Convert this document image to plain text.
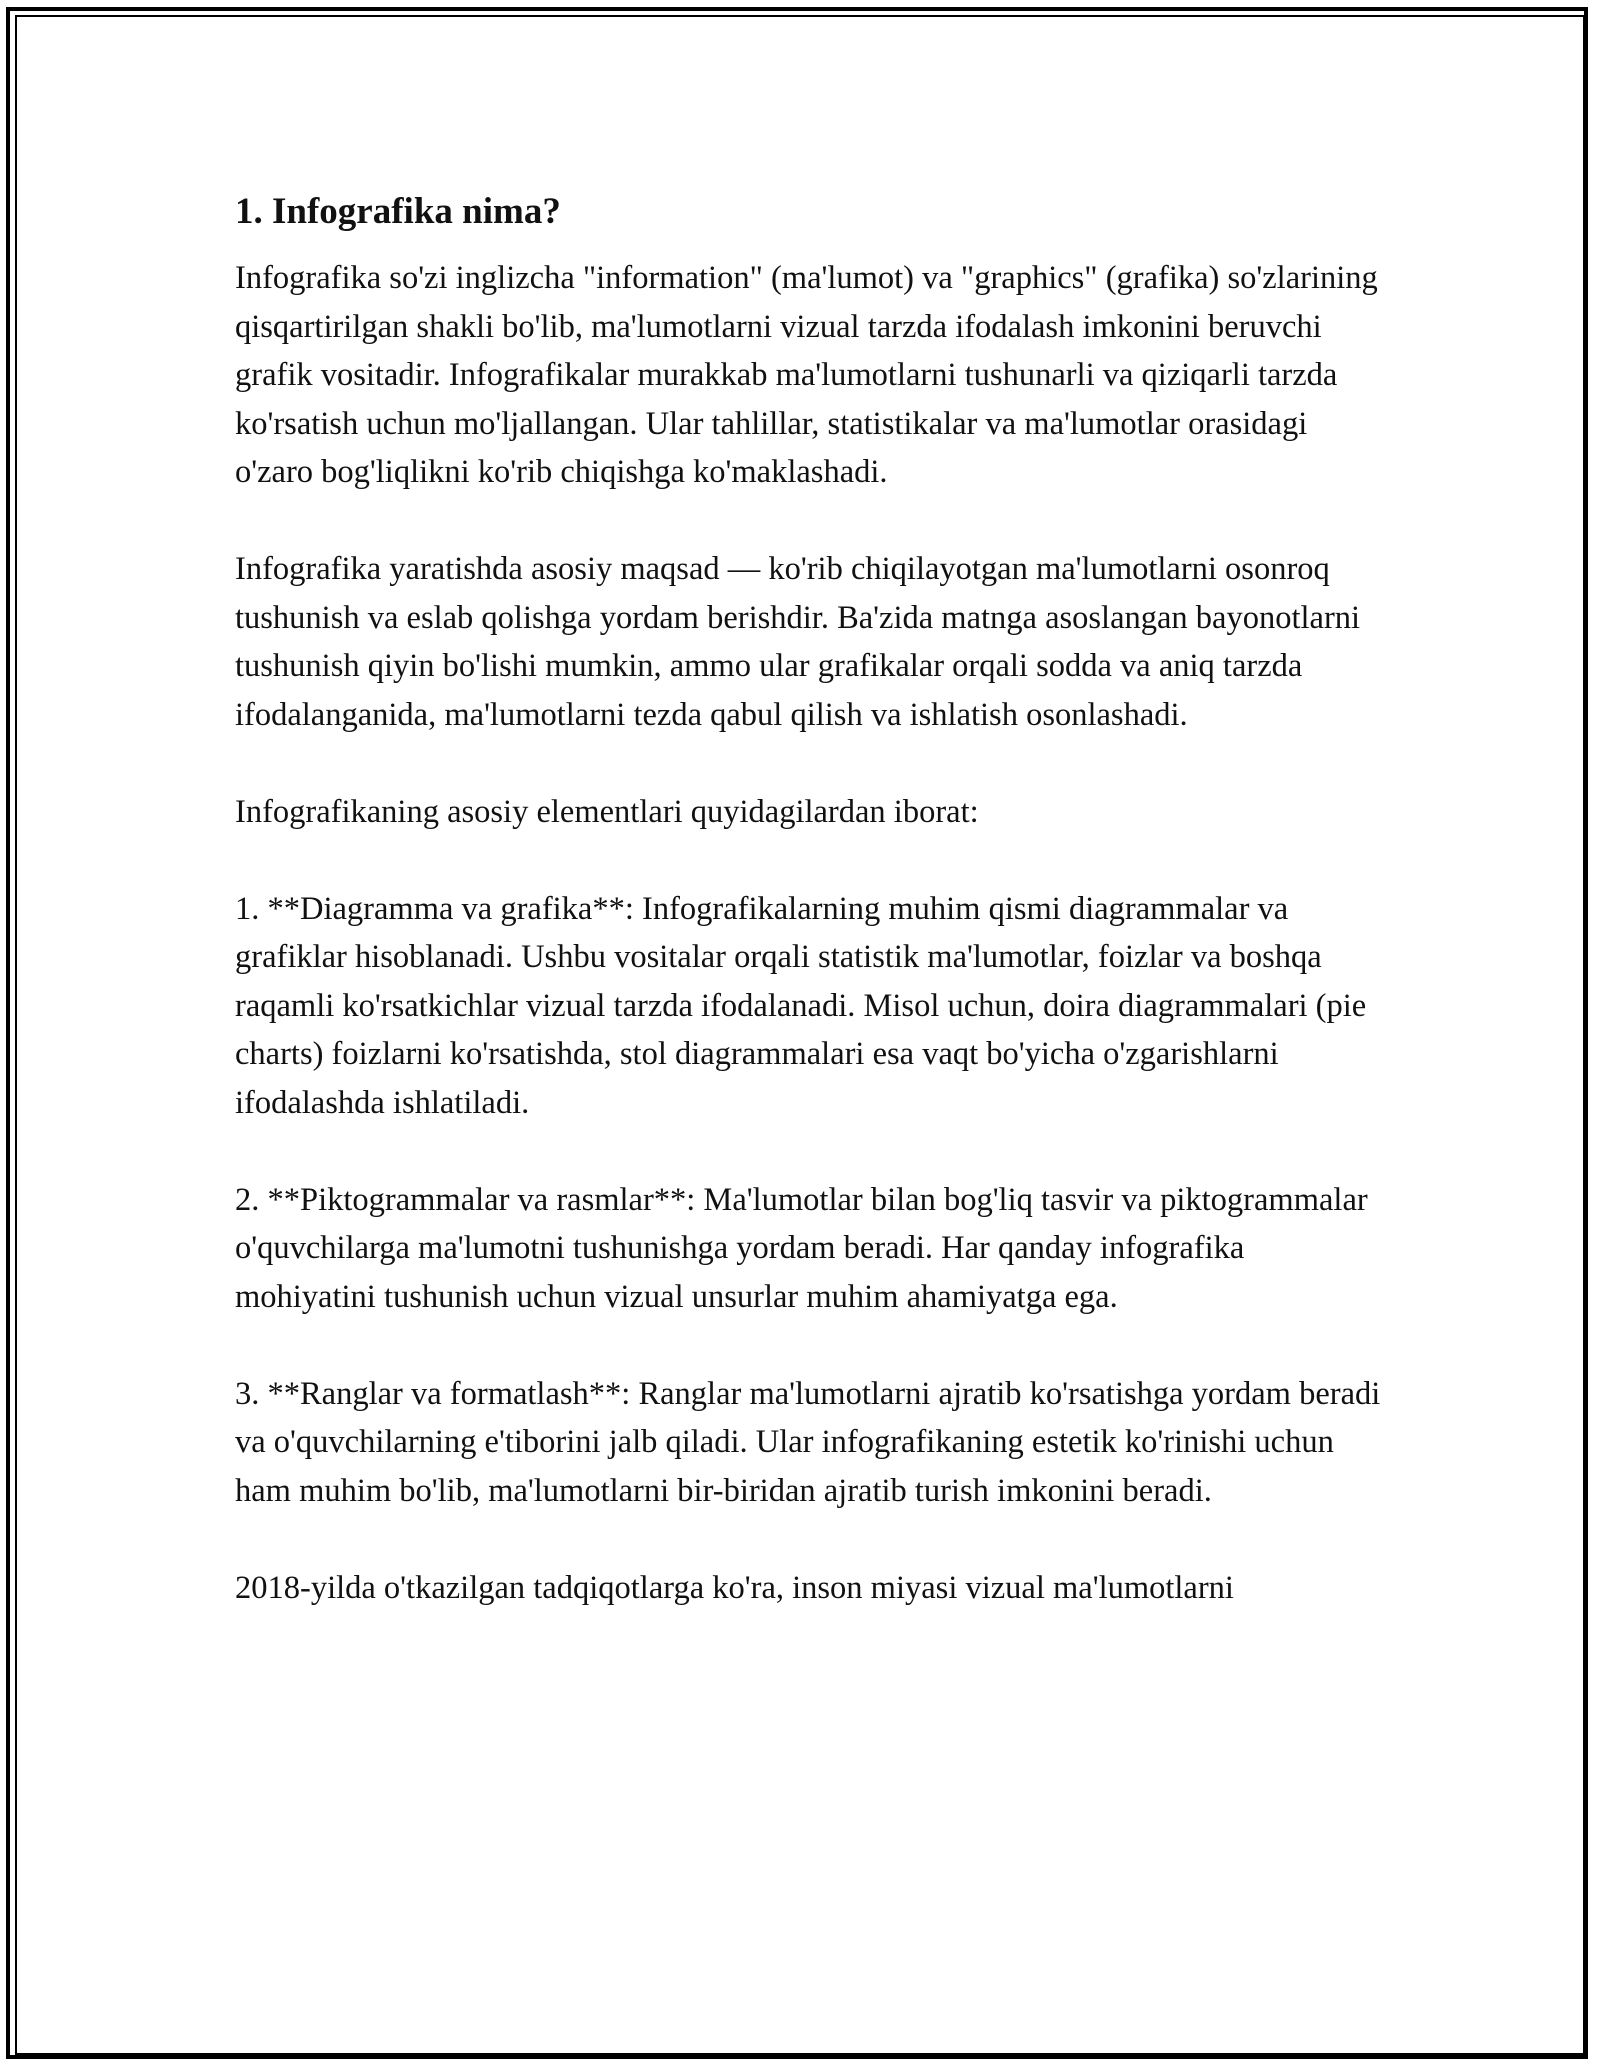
1. Infografika nima?

Infografika so'zi inglizcha "information" (ma'lumot) va "graphics" (grafika) so'zlarining qisqartirilgan shakli bo'lib, ma'lumotlarni vizual tarzda ifodalash imkonini beruvchi grafik vositadir. Infografikalar murakkab ma'lumotlarni tushunarli va qiziqarli tarzda ko'rsatish uchun mo'ljallangan. Ular tahlillar, statistikalar va ma'lumotlar orasidagi o'zaro bog'liqlikni ko'rib chiqishga ko'maklashadi.

Infografika yaratishda asosiy maqsad — ko'rib chiqilayotgan ma'lumotlarni osonroq tushunish va eslab qolishga yordam berishdir. Ba'zida matnga asoslangan bayonotlarni tushunish qiyin bo'lishi mumkin, ammo ular grafikalar orqali sodda va aniq tarzda ifodalanganida, ma'lumotlarni tezda qabul qilish va ishlatish osonlashadi.

Infografikaning asosiy elementlari quyidagilardan iborat:

1. **Diagramma va grafika**: Infografikalarning muhim qismi diagrammalar va grafiklar hisoblanadi. Ushbu vositalar orqali statistik ma'lumotlar, foizlar va boshqa raqamli ko'rsatkichlar vizual tarzda ifodalanadi. Misol uchun, doira diagrammalari (pie charts) foizlarni ko'rsatishda, stol diagrammalari esa vaqt bo'yicha o'zgarishlarni ifodalashda ishlatiladi.

2. **Piktogrammalar va rasmlar**: Ma'lumotlar bilan bog'liq tasvir va piktogrammalar o'quvchilarga ma'lumotni tushunishga yordam beradi. Har qanday infografika mohiyatini tushunish uchun vizual unsurlar muhim ahamiyatga ega.

3. **Ranglar va formatlash**: Ranglar ma'lumotlarni ajratib ko'rsatishga yordam beradi va o'quvchilarning e'tiborini jalb qiladi. Ular infografikaning estetik ko'rinishi uchun ham muhim bo'lib, ma'lumotlarni bir-biridan ajratib turish imkonini beradi.

2018-yilda o'tkazilgan tadqiqotlarga ko'ra, inson miyasi vizual ma'lumotlarni
